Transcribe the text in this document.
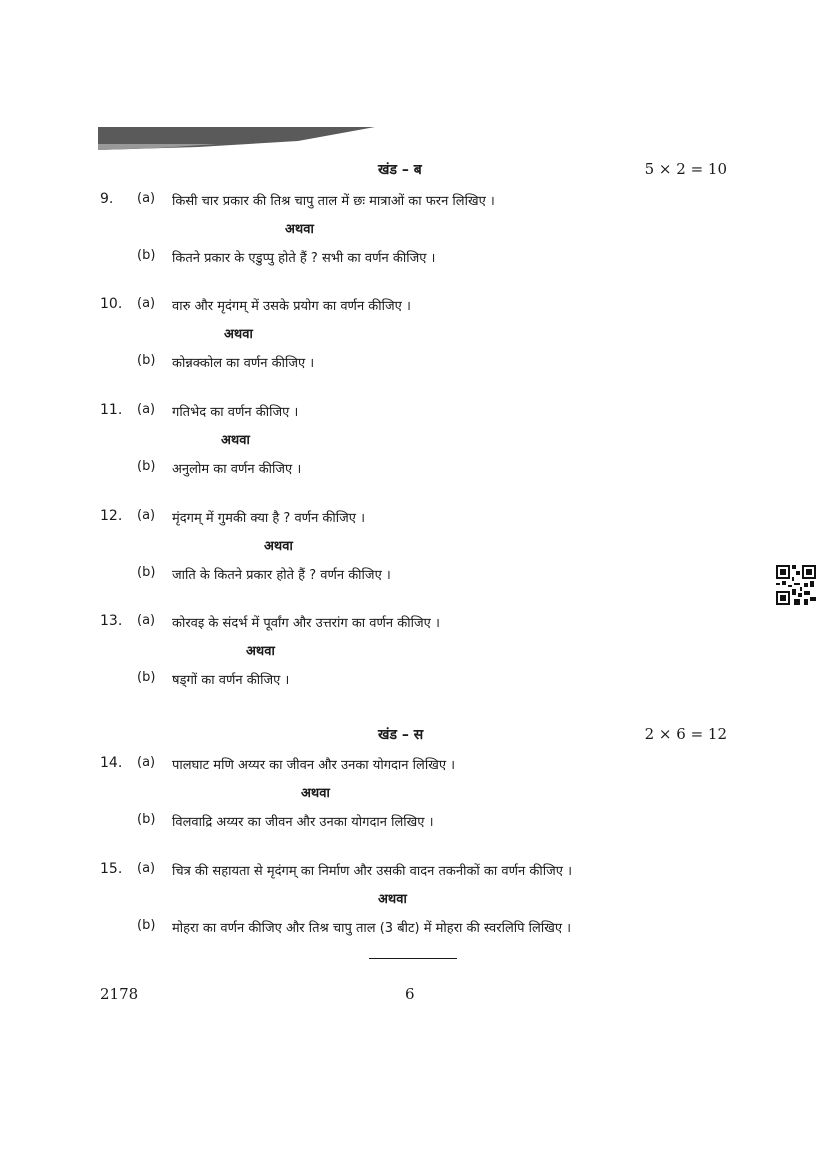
खंड – ब	5 × 2 = 10
9. (a) किसी चार प्रकार की तिश्र चापु ताल में छः मात्राओं का फरन लिखिए ।
अथवा
(b) कितने प्रकार के एडुप्पु होते हैं ? सभी का वर्णन कीजिए ।
10. (a) वारु और मृदंगम् में उसके प्रयोग का वर्णन कीजिए ।
अथवा
(b) कोन्नक्कोल का वर्णन कीजिए ।
11. (a) गतिभेद का वर्णन कीजिए ।
अथवा
(b) अनुलोम का वर्णन कीजिए ।
12. (a) मृंदगम् में गुमकी क्या है ? वर्णन कीजिए ।
अथवा
(b) जाति के कितने प्रकार होते हैं ? वर्णन कीजिए ।
13. (a) कोरवइ के संदर्भ में पूर्वांग और उत्तरांग का वर्णन कीजिए ।
अथवा
(b) षड्गों का वर्णन कीजिए ।
खंड – स	2 × 6 = 12
14. (a) पालघाट मणि अय्यर का जीवन और उनका योगदान लिखिए ।
अथवा
(b) विलवाद्रि अय्यर का जीवन और उनका योगदान लिखिए ।
15. (a) चित्र की सहायता से मृदंगम् का निर्माण और उसकी वादन तकनीकों का वर्णन कीजिए ।
अथवा
(b) मोहरा का वर्णन कीजिए और तिश्र चापु ताल (3 बीट) में मोहरा की स्वरलिपि लिखिए ।
2178	6
